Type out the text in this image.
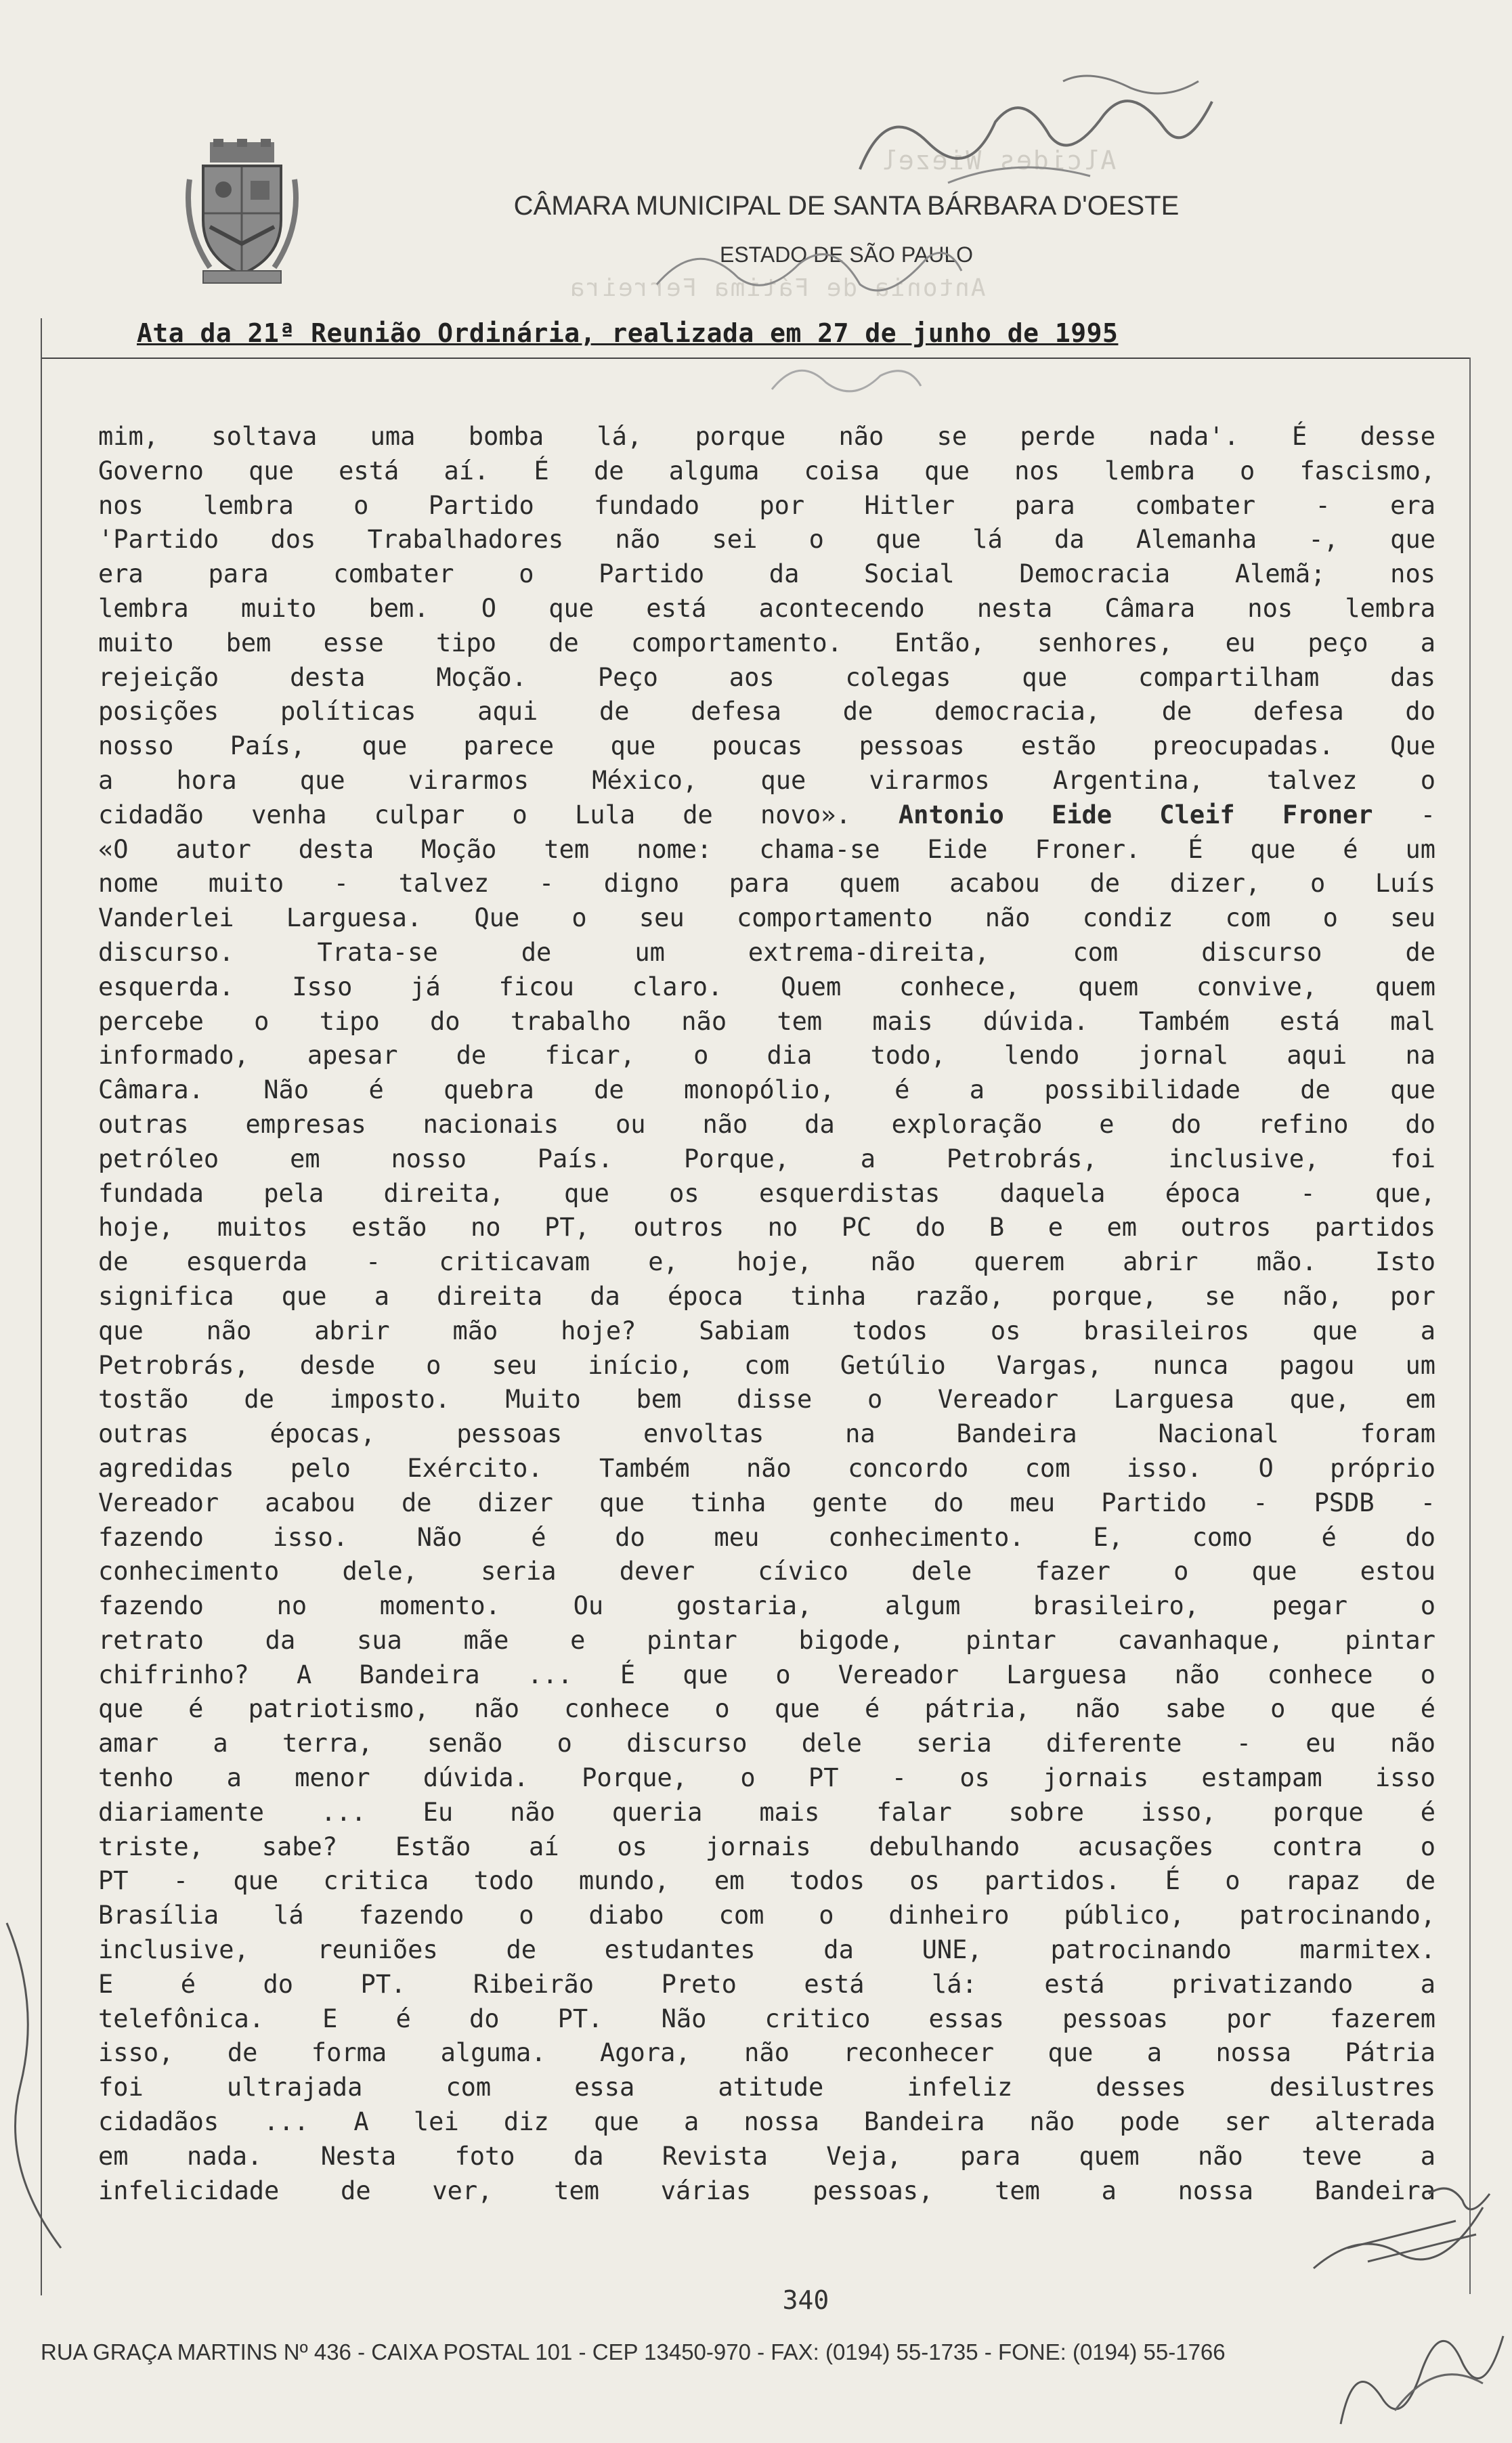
Alcides Wiezel
Antonia de Fátima Ferreira
CÂMARA MUNICIPAL DE SANTA BÁRBARA D'OESTE
ESTADO DE SÃO PAULO
Ata da 21ª Reunião Ordinária, realizada em 27 de junho de 1995
mim, soltava uma bomba lá, porque não se perde nada'. É desse
Governo que está aí. É de alguma coisa que nos lembra o fascismo,
nos lembra o Partido fundado por Hitler para combater - era
'Partido dos Trabalhadores não sei o que lá da Alemanha -, que
era para combater o Partido da Social Democracia Alemã; nos
lembra muito bem. O que está acontecendo nesta Câmara nos lembra
muito bem esse tipo de comportamento. Então, senhores, eu peço a
rejeição desta Moção. Peço aos colegas que compartilham das
posições políticas aqui de defesa de democracia, de defesa do
nosso País, que parece que poucas pessoas estão preocupadas. Que
a hora que virarmos México, que virarmos Argentina, talvez o
cidadão venha culpar o Lula de novo». Antonio Eide Cleif Froner -
«O autor desta Moção tem nome: chama-se Eide Froner. É que é um
nome muito - talvez - digno para quem acabou de dizer, o Luís
Vanderlei Larguesa. Que o seu comportamento não condiz com o seu
discurso. Trata-se de um extrema-direita, com discurso de
esquerda. Isso já ficou claro. Quem conhece, quem convive, quem
percebe o tipo do trabalho não tem mais dúvida. Também está mal
informado, apesar de ficar, o dia todo, lendo jornal aqui na
Câmara. Não é quebra de monopólio, é a possibilidade de que
outras empresas nacionais ou não da exploração e do refino do
petróleo em nosso País. Porque, a Petrobrás, inclusive, foi
fundada pela direita, que os esquerdistas daquela época - que,
hoje, muitos estão no PT, outros no PC do B e em outros partidos
de esquerda - criticavam e, hoje, não querem abrir mão. Isto
significa que a direita da época tinha razão, porque, se não, por
que não abrir mão hoje? Sabiam todos os brasileiros que a
Petrobrás, desde o seu início, com Getúlio Vargas, nunca pagou um
tostão de imposto. Muito bem disse o Vereador Larguesa que, em
outras épocas, pessoas envoltas na Bandeira Nacional foram
agredidas pelo Exército. Também não concordo com isso. O próprio
Vereador acabou de dizer que tinha gente do meu Partido - PSDB -
fazendo isso. Não é do meu conhecimento. E, como é do
conhecimento dele, seria dever cívico dele fazer o que estou
fazendo no momento. Ou gostaria, algum brasileiro, pegar o
retrato da sua mãe e pintar bigode, pintar cavanhaque, pintar
chifrinho? A Bandeira ... É que o Vereador Larguesa não conhece o
que é patriotismo, não conhece o que é pátria, não sabe o que é
amar a terra, senão o discurso dele seria diferente - eu não
tenho a menor dúvida. Porque, o PT - os jornais estampam isso
diariamente ... Eu não queria mais falar sobre isso, porque é
triste, sabe? Estão aí os jornais debulhando acusações contra o
PT - que critica todo mundo, em todos os partidos. É o rapaz de
Brasília lá fazendo o diabo com o dinheiro público, patrocinando,
inclusive, reuniões de estudantes da UNE, patrocinando marmitex.
E é do PT. Ribeirão Preto está lá: está privatizando a
telefônica. E é do PT. Não critico essas pessoas por fazerem
isso, de forma alguma. Agora, não reconhecer que a nossa Pátria
foi ultrajada com essa atitude infeliz desses desilustres
cidadãos ... A lei diz que a nossa Bandeira não pode ser alterada
em nada. Nesta foto da Revista Veja, para quem não teve a
infelicidade de ver, tem várias pessoas, tem a nossa Bandeira
340
RUA GRAÇA MARTINS Nº 436 - CAIXA POSTAL 101 - CEP 13450-970 - FAX: (0194) 55-1735 - FONE: (0194) 55-1766
